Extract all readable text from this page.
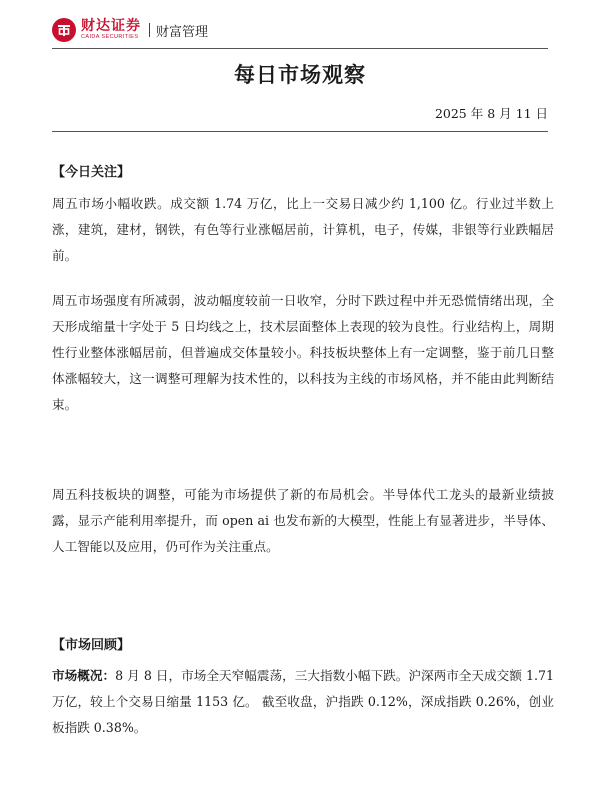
财达证券
CAIDA SECURITIES 财富管理
每日市场观察
2025 年 8 月 11 日
【今日关注】
周五市场小幅收跌。成交额 1.74 万亿，比上一交易日减少约 1,100 亿。行业过半数上涨，建筑，建材，钢铁，有色等行业涨幅居前，计算机，电子，传媒，非银等行业跌幅居前。
周五市场强度有所减弱，波动幅度较前一日收窄，分时下跌过程中并无恐慌情绪出现，全天形成缩量十字处于 5 日均线之上，技术层面整体上表现的较为良性。行业结构上，周期性行业整体涨幅居前，但普遍成交体量较小。科技板块整体上有一定调整，鉴于前几日整体涨幅较大，这一调整可理解为技术性的，以科技为主线的市场风格，并不能由此判断结束。
周五科技板块的调整，可能为市场提供了新的布局机会。半导体代工龙头的最新业绩披露，显示产能利用率提升，而 open ai 也发布新的大模型，性能上有显著进步，半导体、人工智能以及应用，仍可作为关注重点。
【市场回顾】
市场概况：8 月 8 日，市场全天窄幅震荡，三大指数小幅下跌。沪深两市全天成交额 1.71 万亿，较上个交易日缩量 1153 亿。 截至收盘，沪指跌 0.12%，深成指跌 0.26%，创业板指跌 0.38%。
